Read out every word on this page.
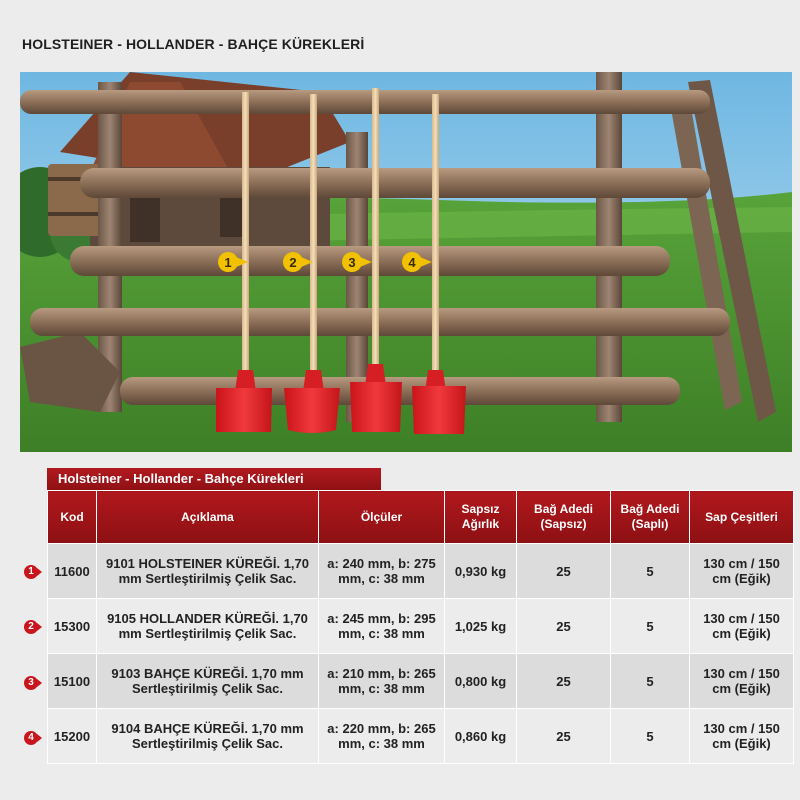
HOLSTEINER - HOLLANDER - BAHÇE KÜREKLERİ
1	2	3	4
Holsteiner - Hollander - Bahçe Kürekleri
Kod	Açıklama	Ölçüler	Sapsız Ağırlık	Bağ Adedi (Sapsız)	Bağ Adedi (Saplı)	Sap Çeşitleri
11600	9101 HOLSTEINER KÜREĞİ. 1,70 mm Sertleştirilmiş Çelik Sac.	a: 240 mm, b: 275 mm, c: 38 mm	0,930 kg	25	5	130 cm / 150 cm (Eğik)
15300	9105 HOLLANDER KÜREĞİ. 1,70 mm Sertleştirilmiş Çelik Sac.	a: 245 mm, b: 295 mm, c: 38 mm	1,025 kg	25	5	130 cm / 150 cm (Eğik)
15100	9103 BAHÇE KÜREĞİ. 1,70 mm Sertleştirilmiş Çelik Sac.	a: 210 mm, b: 265 mm, c: 38 mm	0,800 kg	25	5	130 cm / 150 cm (Eğik)
15200	9104 BAHÇE KÜREĞİ. 1,70 mm Sertleştirilmiş Çelik Sac.	a: 220 mm, b: 265 mm, c: 38 mm	0,860 kg	25	5	130 cm / 150 cm (Eğik)
1
2
3
4
